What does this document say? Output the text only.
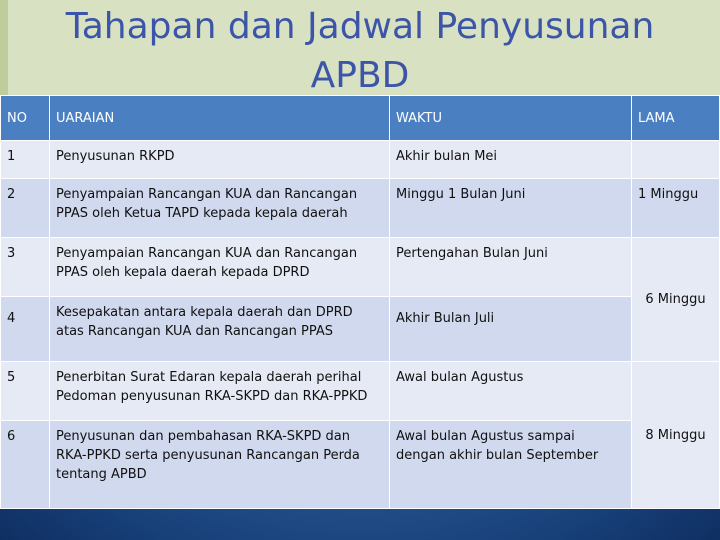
Tahapan dan Jadwal Penyusunan
APBD
NO	UARAIAN	WAKTU	LAMA
1	Penyusunan RKPD	Akhir bulan Mei	
2	Penyampaian Rancangan KUA dan Rancangan PPAS oleh Ketua TAPD kepada kepala daerah	Minggu 1 Bulan Juni	1 Minggu
3	Penyampaian Rancangan KUA dan Rancangan PPAS oleh kepala daerah kepada DPRD	Pertengahan Bulan Juni	6 Minggu
4	Kesepakatan antara kepala daerah dan DPRD atas Rancangan KUA dan Rancangan PPAS	Akhir Bulan Juli	
5	Penerbitan Surat Edaran kepala daerah perihal Pedoman penyusunan RKA-SKPD dan RKA-PPKD	Awal bulan Agustus	8 Minggu
6	Penyusunan dan pembahasan RKA-SKPD dan RKA-PPKD serta penyusunan Rancangan Perda tentang APBD	Awal bulan Agustus sampai dengan akhir bulan September	
